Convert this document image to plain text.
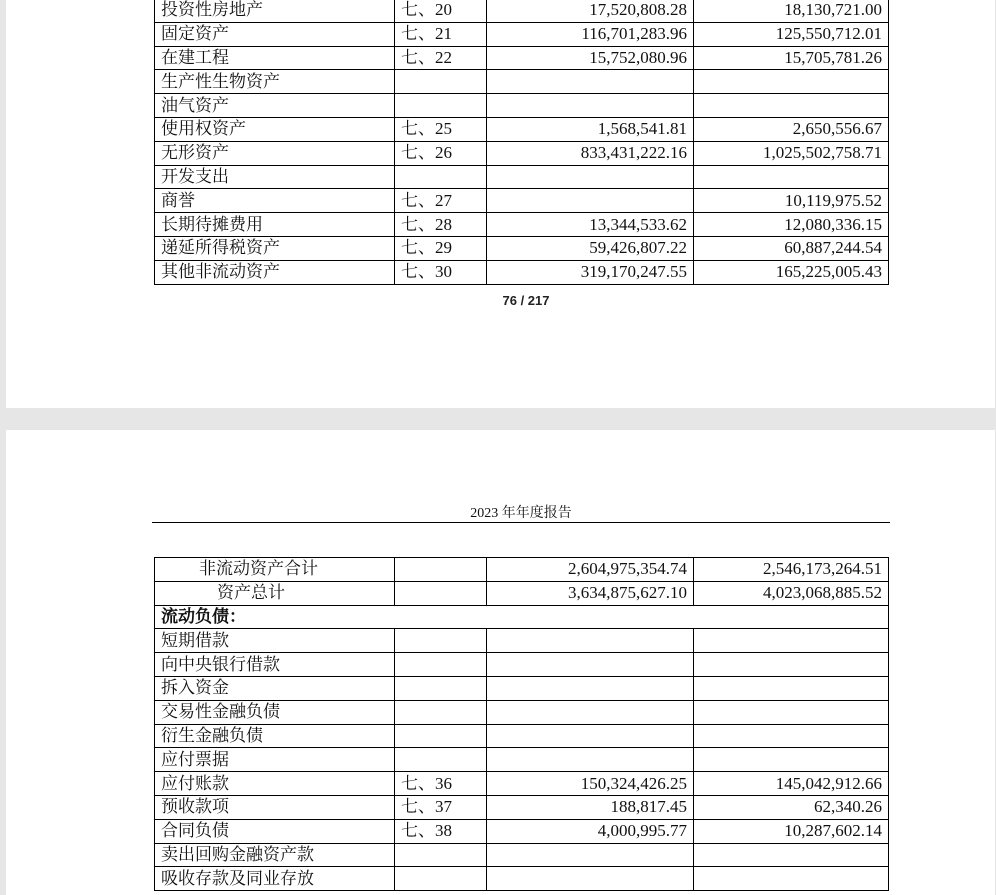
投资性房地产	七、20	17,520,808.28	18,130,721.00
固定资产	七、21	116,701,283.96	125,550,712.01
在建工程	七、22	15,752,080.96	15,705,781.26
生产性生物资产			
油气资产			
使用权资产	七、25	1,568,541.81	2,650,556.67
无形资产	七、26	833,431,222.16	1,025,502,758.71
开发支出			
商誉	七、27		10,119,975.52
长期待摊费用	七、28	13,344,533.62	12,080,336.15
递延所得税资产	七、29	59,426,807.22	60,887,244.54
其他非流动资产	七、30	319,170,247.55	165,225,005.43
76 / 217
2023 年年度报告
非流动资产合计		2,604,975,354.74	2,546,173,264.51
资产总计		3,634,875,627.10	4,023,068,885.52
流动负债：			
短期借款			
向中央银行借款			
拆入资金			
交易性金融负债			
衍生金融负债			
应付票据			
应付账款	七、36	150,324,426.25	145,042,912.66
预收款项	七、37	188,817.45	62,340.26
合同负债	七、38	4,000,995.77	10,287,602.14
卖出回购金融资产款			
吸收存款及同业存放			
